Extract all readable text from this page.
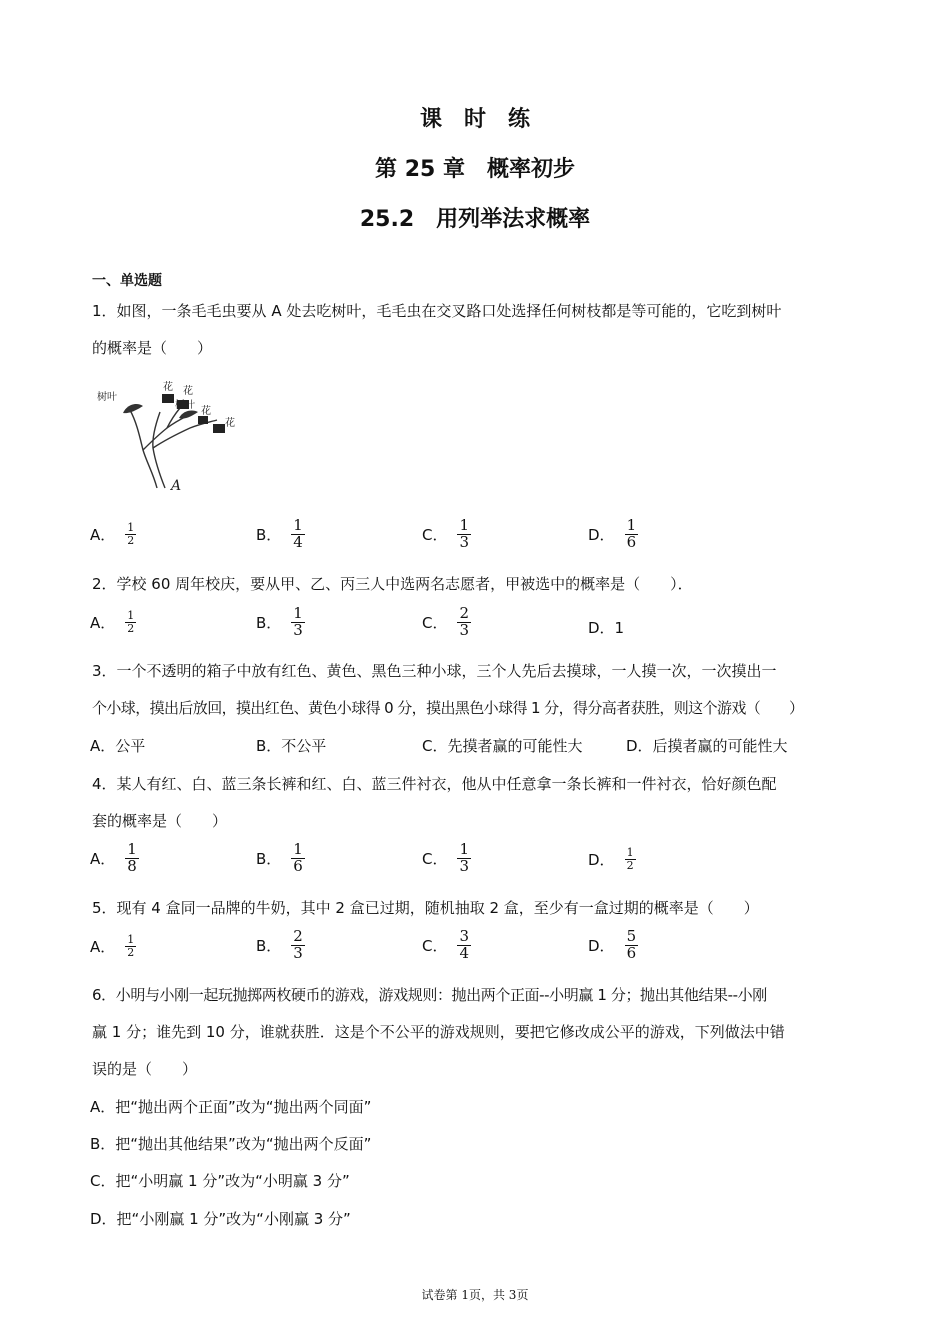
课　时　练
第 25 章　概率初步
25.2　用列举法求概率
一、单选题
1．如图，一条毛毛虫要从 A 处去吃树叶，毛毛虫在交叉路口处选择任何树枝都是等可能的，它吃到树叶
的概率是（　　）
树叶
树叶
花 花
花
花
A
A． $\frac{1}{2}$	B． $\frac{1}{4}$	C． $\frac{1}{3}$	D． $\frac{1}{6}$
2．学校 60 周年校庆，要从甲、乙、丙三人中选两名志愿者，甲被选中的概率是（　　）．
A． $\frac{1}{2}$	B． $\frac{1}{3}$	C． $\frac{2}{3}$	D．1
3．一个不透明的箱子中放有红色、黄色、黑色三种小球，三个人先后去摸球，一人摸一次，一次摸出一
个小球，摸出后放回，摸出红色、黄色小球得 0 分，摸出黑色小球得 1 分，得分高者获胜，则这个游戏（　　）
A．公平	B．不公平	C．先摸者赢的可能性大	D．后摸者赢的可能性大
4．某人有红、白、蓝三条长裤和红、白、蓝三件衬衣，他从中任意拿一条长裤和一件衬衣，恰好颜色配
套的概率是（　　）
A． $\frac{1}{8}$	B． $\frac{1}{6}$	C． $\frac{1}{3}$	D． $\frac{1}{2}$
5．现有 4 盒同一品牌的牛奶，其中 2 盒已过期，随机抽取 2 盒，至少有一盒过期的概率是（　　）
A． $\frac{1}{2}$	B． $\frac{2}{3}$	C． $\frac{3}{4}$	D． $\frac{5}{6}$
6．小明与小刚一起玩抛掷两枚硬币的游戏，游戏规则：抛出两个正面--小明赢 1 分；抛出其他结果--小刚
赢 1 分；谁先到 10 分，谁就获胜．这是个不公平的游戏规则，要把它修改成公平的游戏，下列做法中错
误的是（　　）
A．把“抛出两个正面”改为“抛出两个同面”
B．把“抛出其他结果”改为“抛出两个反面”
C．把“小明赢 1 分”改为“小明赢 3 分”
D．把“小刚赢 1 分”改为“小刚赢 3 分”
试卷第 1页，共 3页
